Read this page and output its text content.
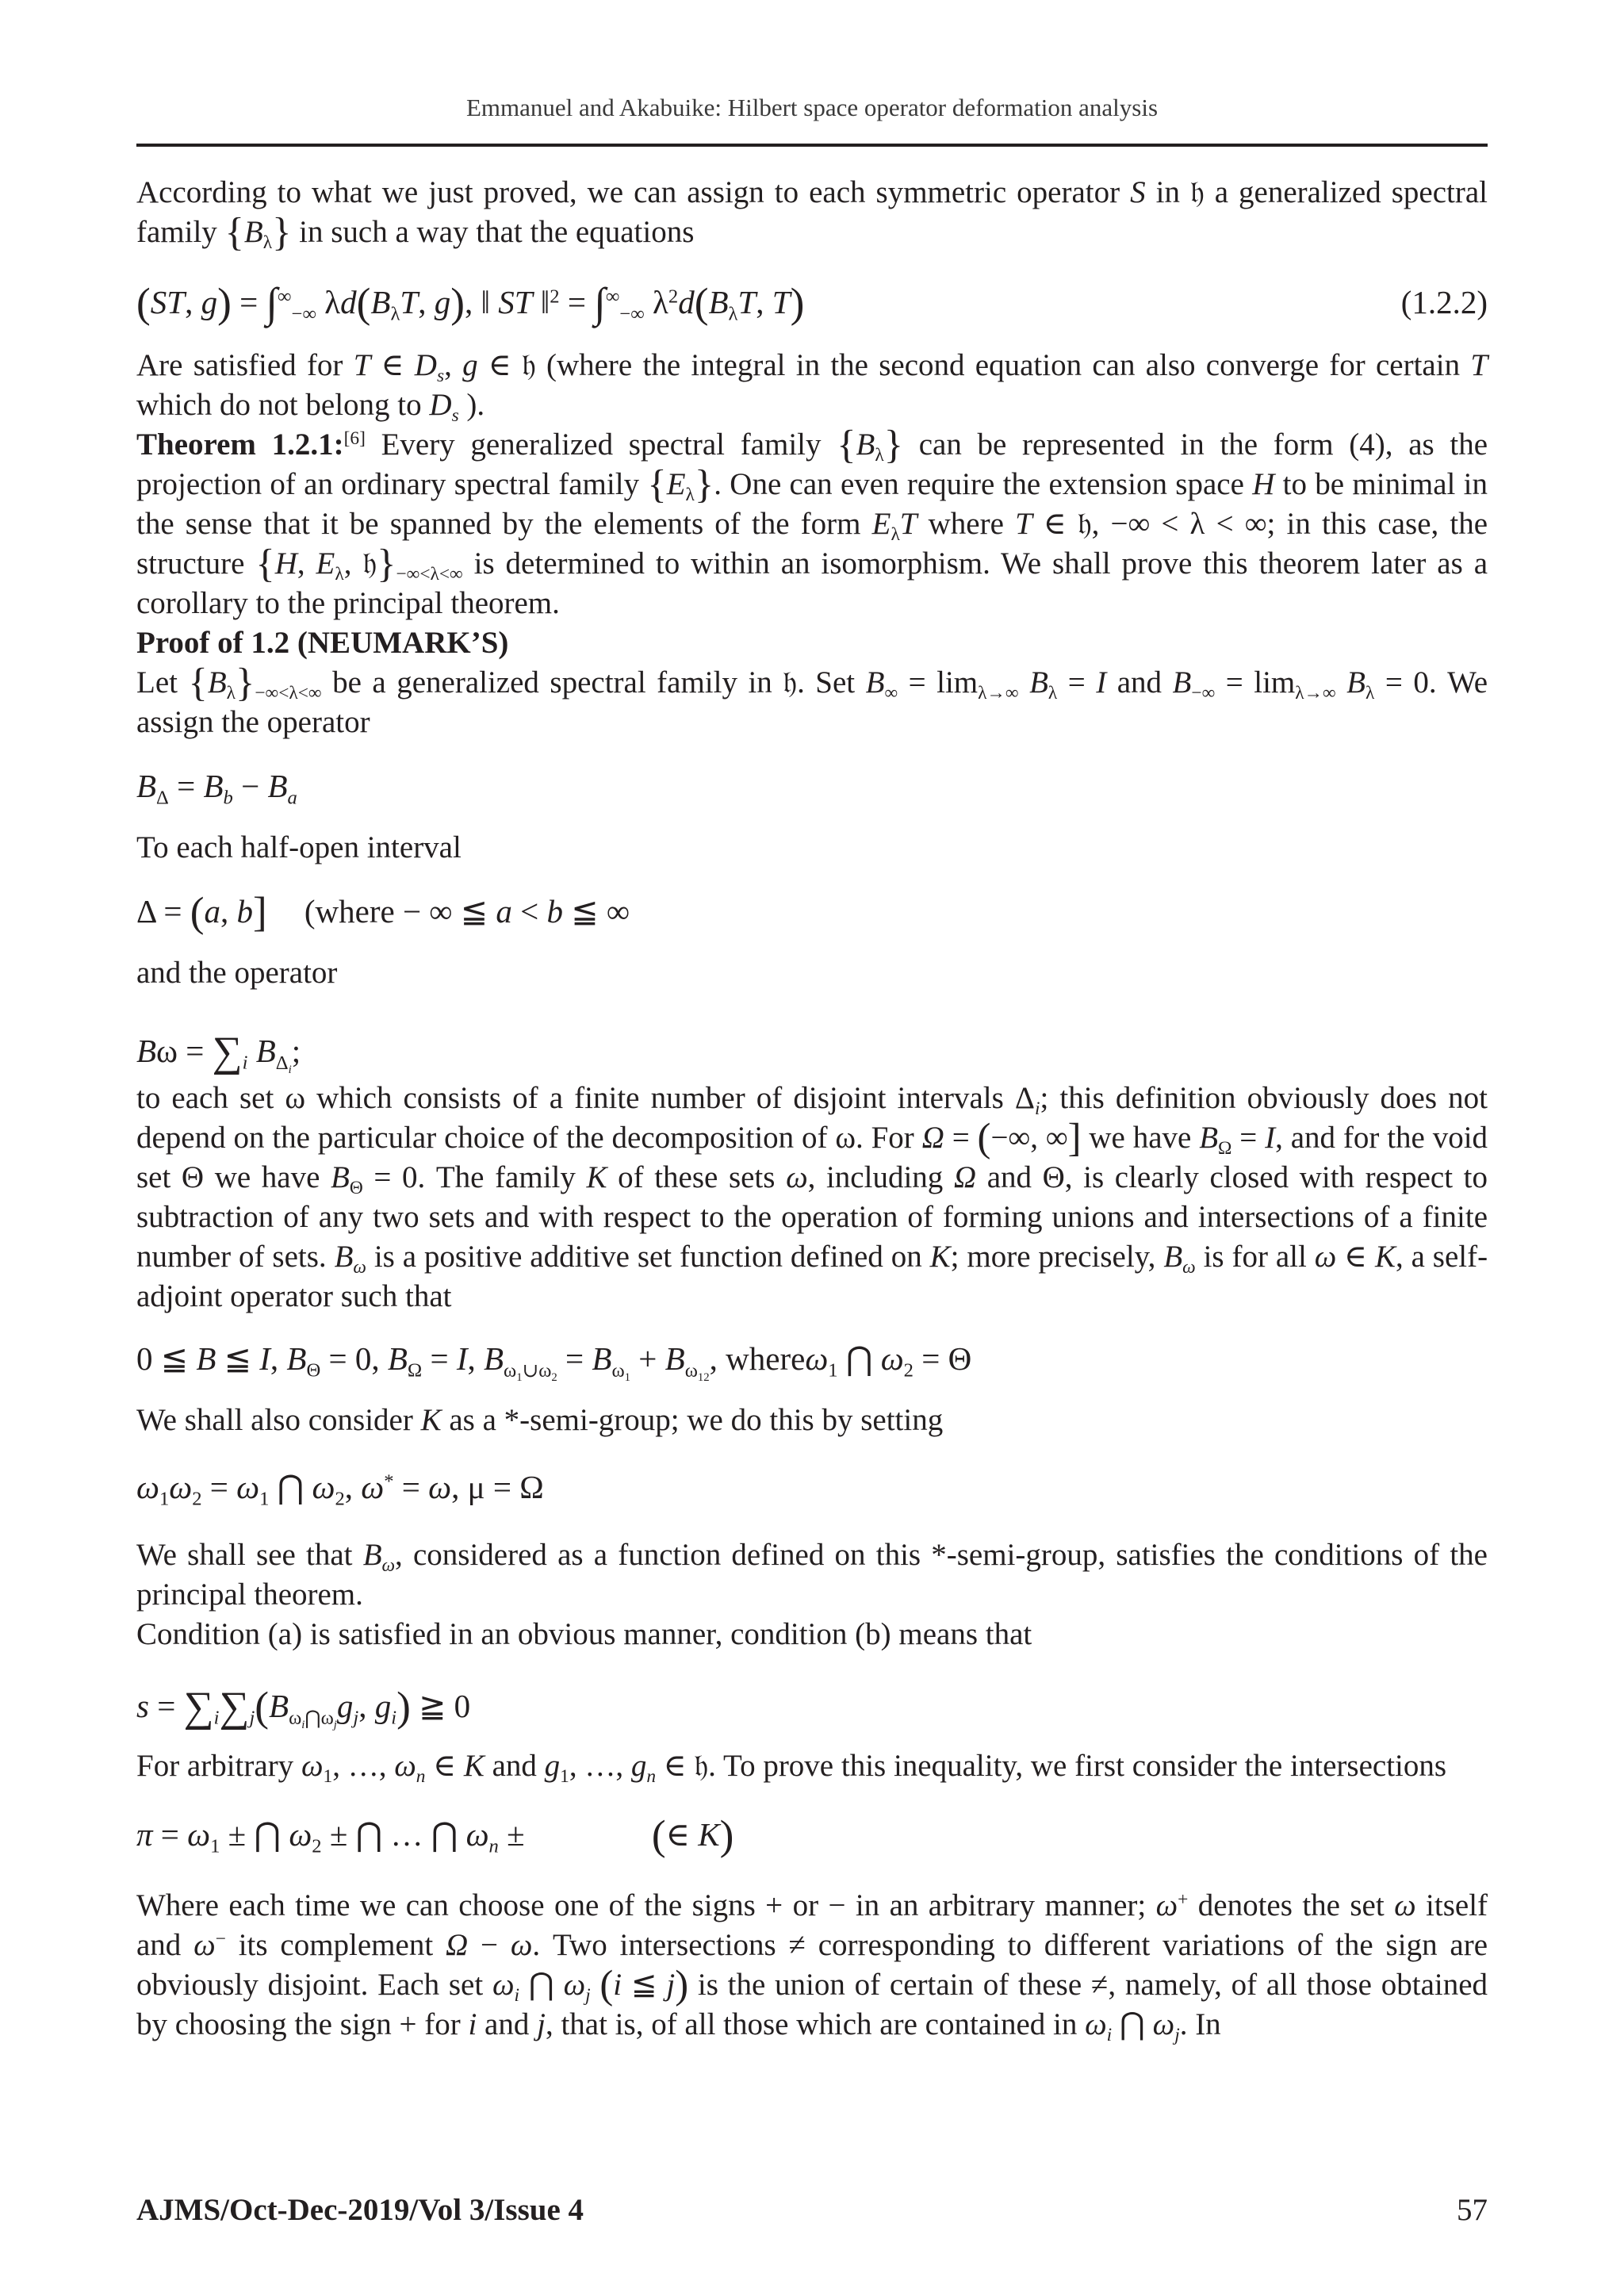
Emmanuel and Akabuike: Hilbert space operator deformation analysis

According to what we just proved, we can assign to each symmetric operator S in 𝔥 a generalized spectral family $\{B_\lambda\}$ in such a way that the equations

(ST, $g) = \int^\infty_{-\infty}$ $\lambda d(B_\lambda T$, g), ‖ ST ‖$^2$ = $\int^\infty_{-\infty}$ $\lambda^2d(B_\lambda T$, T)	(1.2.2)

Are satisfied for T ∈ $D_s$, g ∈ 𝔥 (where the integral in the second equation can also converge for certain T which do not belong to $D_s$ ).

Theorem 1.2.1:[6] Every generalized spectral family $\{B_\lambda\}$ can be represented in the form (4), as the projection of an ordinary spectral family $\{E_\lambda\}$. One can even require the extension space H to be minimal in the sense that it be spanned by the elements of the form $E_\lambda T$ where T ∈ 𝔥, −∞ < λ < ∞; in this case, the structure {H, $E_\lambda$, $𝔥\}_{-\infty<\lambda<\infty}$ is determined to within an isomorphism. We shall prove this theorem later as a corollary to the principal theorem.

Proof of 1.2 (NEUMARK’S)

Let $\{B_\lambda\}_{-\infty<\lambda<\infty}$ be a generalized spectral family in 𝔥. Set $B_\infty = \lim_{\lambda\to\infty} B_\lambda = I$ and $B_{-\infty} = \lim_{\lambda\to\infty} B_\lambda = 0$. We assign the operator

$B_\Delta = B_b - B_a$

To each half-open interval

Δ = (a, b] (where − ∞ ≦ a < b ≦ ∞

and the operator

$B\omega = \sum_i$ $B_{\Delta_i}$;

to each set ω which consists of a finite number of disjoint intervals $\Delta_i$; this definition obviously does not depend on the particular choice of the decomposition of ω. For Ω = (−∞, ∞] we have $B_\Omega = I$, and for the void set Θ we have $B_\Theta = 0$. The family K of these sets ω, including Ω and Θ, is clearly closed with respect to subtraction of any two sets and with respect to the operation of forming unions and intersections of a finite number of sets. $B_\omega$ is a positive additive set function defined on K; more precisely, $B_\omega$ is for all ω ∈ K, a self-adjoint operator such that

0 ≦ B ≦ I, $B_\Theta = 0$, $B_\Omega = I$, $B_{\omega_1\cup\omega_2} = B_{\omega_1} + B_{\omega_{12}}$, whereω$_1$ ⋂ $\omega_2 = \Theta$

We shall also consider K as a *-semi-group; we do this by setting

$\omega_1\omega_2 = \omega_1$ ⋂ $\omega_2$, ω* = ω, μ = Ω

We shall see that $B_\omega$, considered as a function defined on this *-semi-group, satisfies the conditions of the principal theorem.

Condition (a) is satisfied in an obvious manner, condition (b) means that

$s = \sum_i\sum_j(B_{\omega_i⋂\omega_j}g_j$, $g_i$) ≧ 0

For arbitrary $\omega_1$, …, $\omega_n$ ∈ K and $g_1$, …, $g_n$ ∈ 𝔥. To prove this inequality, we first consider the intersections

$\pi = \omega_1$ ± ⋂ $\omega_2$ ± ⋂ … ⋂ $\omega_n$ ±	(∈ K)

Where each time we can choose one of the signs + or − in an arbitrary manner; ω+ denotes the set ω itself and ω− its complement Ω − ω. Two intersections ≠ corresponding to different variations of the sign are obviously disjoint. Each set $\omega_i$ ⋂ $\omega_j$ (i ≦ j) is the union of certain of these ≠, namely, of all those obtained by choosing the sign + for i and j, that is, of all those which are contained in $\omega_i$ ⋂ $\omega_j$. In

AJMS/Oct-Dec-2019/Vol 3/Issue 4	57
